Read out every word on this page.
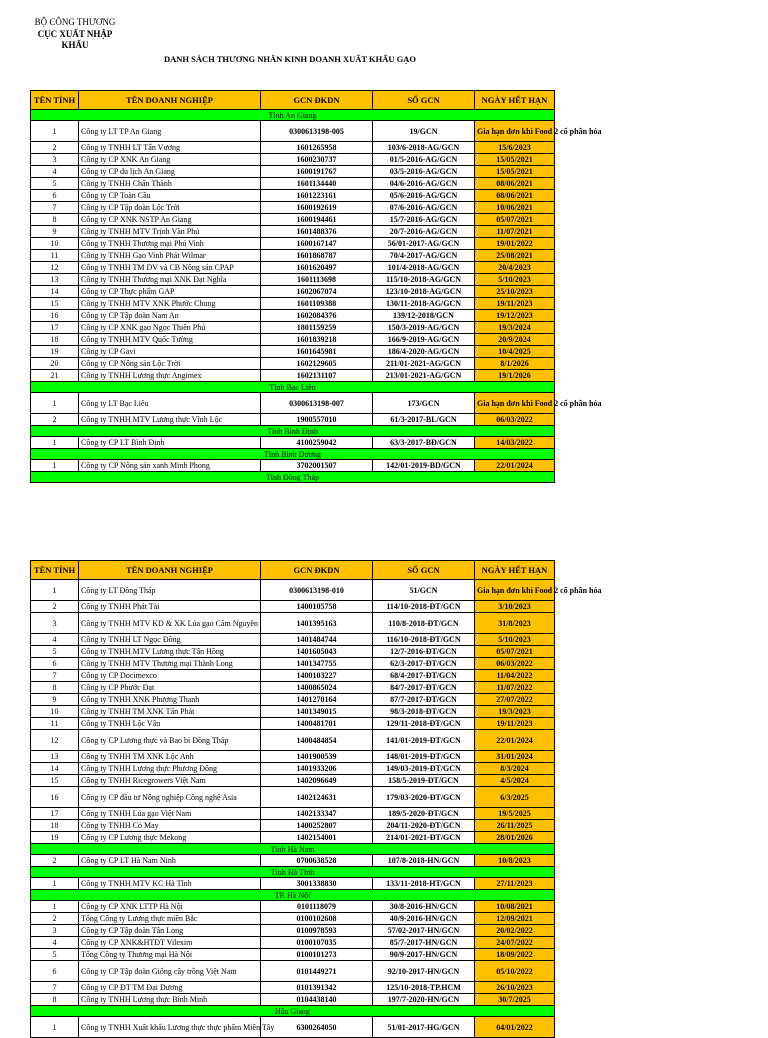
BỘ CÔNG THƯƠNG
CỤC XUẤT NHẬP KHẨU
DANH SÁCH THƯƠNG NHÂN KINH DOANH XUẤT KHẨU GẠO
TÊN TỈNH	TÊN DOANH NGHIỆP	GCN ĐKDN	SỐ GCN	NGÀY HẾT HẠN
Tỉnh An Giang				
1	Công ty LT TP An Giang	0300613198-005	19/GCN	Gia hạn đơn khi Food 2 cổ phần hóa
2	Công ty TNHH LT Tấn Vương	1601265958	103/6-2018-AG/GCN	15/6/2023
3	Công ty CP XNK An Giang	1600230737	01/5-2016-AG/GCN	15/05/2021
4	Công ty CP du lịch An Giang	1600191767	03/5-2016-AG/GCN	15/05/2021
5	Công ty TNHH Chấn Thành	1601134440	04/6-2016-AG/GCN	08/06/2021
6	Công ty CP Toàn Cầu	1601223161	05/6-2016-AG/GCN	08/06/2021
7	Công ty CP Tập đoàn Lộc Trời	1600192619	07/6-2016-AG/GCN	10/06/2021
8	Công ty CP XNK NSTP An Giang	1600194461	15/7-2016-AG/GCN	05/07/2021
9	Công ty TNHH MTV Trịnh Văn Phú	1601488376	20/7-2016-AG/GCN	11/07/2021
10	Công ty TNHH Thương mại Phú Vinh	1600167147	56/01-2017-AG/GCN	19/01/2022
11	Công ty TNHH Gạo Vinh Phát Wilmar	1601868787	70/4-2017-AG/GCN	25/08/2021
12	Công ty TNHH TM DV và CB Nông sản CPAP	1601620497	101/4-2018-AG/GCN	20/4/2023
13	Công ty TNHH Thương mại XNK Đạt Nghĩa	1601113698	115/10-2018-AG/GCN	5/10/2023
14	Công ty CP Thực phẩm GAP	1602067074	123/10-2018-AG/GCN	25/10/2023
15	Công ty TNHH MTV XNK Phước Chung	1601109388	130/11-2018-AG/GCN	19/11/2023
16	Công ty CP Tập đoàn Nam An	1602084376	139/12-2018/GCN	19/12/2023
17	Công ty CP XNK gạo Ngọc Thiên Phú	1801159259	150/3-2019-AG/GCN	19/3/2024
18	Công ty TNHH MTV Quốc Tường	1601839218	166/9-2019-AG/GCN	20/9/2024
19	Công ty CP Gavi	1601645981	186/4-2020-AG/GCN	10/4/2025
20	Công ty CP Nông sản Lộc Trời	1602129605	211/01-2021-AG/GCN	8/1/2026
21	Công ty TNHH Lương thực Angimex	1602131107	213/01-2021-AG/GCN	19/1/2026
Tỉnh Bạc Liêu				
1	Công ty LT Bạc Liêu	0300613198-007	173/GCN	Gia hạn đơn khi Food 2 cổ phần hóa
2	Công ty TNHH MTV Lương thực Vĩnh Lộc	1900557010	61/3-2017-BL/GCN	06/03/2022
Tỉnh Bình Định				
1	Công ty CP LT Bình Định	4100259042	63/3-2017-BĐ/GCN	14/03/2022
Tỉnh Bình Dương				
1	Công ty CP Nông sản xanh Minh Phong	3702001507	142/01-2019-BD/GCN	22/01/2024
Tỉnh Đồng Tháp				
TÊN TỈNH	TÊN DOANH NGHIỆP	GCN ĐKDN	SỐ GCN	NGÀY HẾT HẠN
1	Công ty LT Đồng Tháp	0300613198-010	51/GCN	Gia hạn đơn khi Food 2 cổ phần hóa
2	Công ty TNHH Phát Tài	1400105758	114/10-2018-ĐT/GCN	3/10/2023
3	Công ty TNHH MTV KD & XK Lúa gạo Cẩm Nguyên	1401395163	110/8-2018-ĐT/GCN	31/8/2023
4	Công ty TNHH LT Ngọc Đồng	1401484744	116/10-2018-ĐT/GCN	5/10/2023
5	Công ty TNHH MTV Lương thực Tấn Hồng	1401605043	12/7-2016-ĐT/GCN	05/07/2021
6	Công ty TNHH MTV Thương mại Thành Long	1401347755	62/3-2017-ĐT/GCN	06/03/2022
7	Công ty CP Docimexco	1400103227	68/4-2017-ĐT/GCN	11/04/2022
8	Công ty CP Phước Đạt	1400865024	84/7-2017-ĐT/GCN	11/07/2022
9	Công ty TNHH XNK Phương Thanh	1401270164	87/7-2017-ĐT/GCN	27/07/2022
10	Công ty TNHH TM XNK Tấn Phát	1401349015	98/3-2018-ĐT/GCN	19/3/2023
11	Công ty TNHH Lộc Vân	1400481701	129/11-2018-ĐT/GCN	19/11/2023
12	Công ty CP Lương thực và Bao bì Đồng Tháp	1400484854	141/01-2019-ĐT/GCN	22/01/2024
13	Công ty TNHH TM XNK Lộc Anh	1401900539	148/01-2019-ĐT/GCN	31/01/2024
14	Công ty TNHH Lương thực Phương Đông	1401933206	149/03-2019-ĐT/GCN	8/3/2024
15	Công ty TNHH Ricegrowers Việt Nam	1402096649	158/5-2019-ĐT/GCN	4/5/2024
16	Công ty CP đầu tư Nông nghiệp Công nghệ Asia	1402124631	179/03-2020-ĐT/GCN	6/3/2025
17	Công ty TNHH Lúa gạo Việt Nam	1402133347	189/5-2020-ĐT/GCN	19/5/2025
18	Công ty TNHH Cỏ May	1400252807	204/11-2020-ĐT/GCN	26/11/2025
19	Công ty CP Lương thực Mekong	1402154001	214/01-2021-ĐT/GCN	28/01/2026
Tỉnh Hà Nam				
2	Công ty CP LT Hà Nam Ninh	0700638528	107/8-2018-HN/GCN	10/8/2023
Tỉnh Hà Tĩnh				
1	Công ty TNHH MTV KC Hà Tĩnh	3001338830	133/11-2018-HT/GCN	27/11/2023
TP. Hà Nội				
1	Công ty CP XNK LTTP Hà Nội	0101118079	30/8-2016-HN/GCN	10/08/2021
2	Tổng Công ty Lương thực miền Bắc	0100102608	40/9-2016-HN/GCN	12/09/2021
3	Công ty CP Tập đoàn Tân Long	0100978593	57/02-2017-HN/GCN	20/02/2022
4	Công ty CP XNK&HTĐT Vilexim	0100107035	85/7-2017-HN/GCN	24/07/2022
5	Tổng Công ty Thương mại Hà Nội	0100101273	90/9-2017-HN/GCN	18/09/2022
6	Công ty CP Tập đoàn Giống cây trồng Việt Nam	0101449271	92/10-2017-HN/GCN	05/10/2022
7	Công ty CP ĐT TM Đại Dương	0101391342	125/10-2018-TP.HCM	26/10/2023
8	Công ty TNHH Lương thực Bình Minh	0104438140	197/7-2020-HN/GCN	30/7/2025
Hậu Giang				
1	Công ty TNHH Xuất khẩu Lương thực thực phẩm Miền Tây	6300264050	51/01-2017-HG/GCN	04/01/2022
